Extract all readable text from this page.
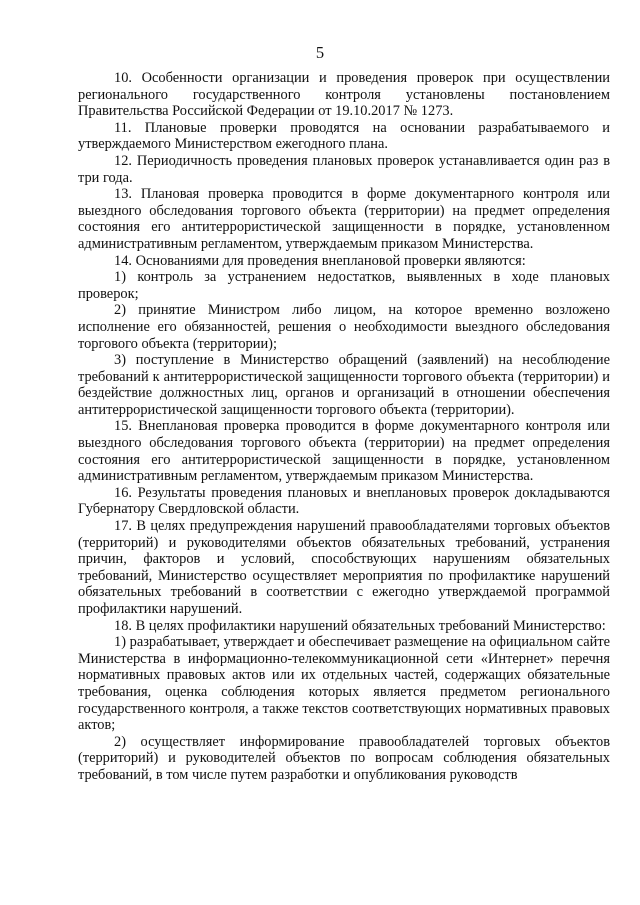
5

10. Особенности организации и проведения проверок при осуществлении регионального государственного контроля установлены постановлением Правительства Российской Федерации от 19.10.2017 № 1273.

11. Плановые проверки проводятся на основании разрабатываемого и утверждаемого Министерством ежегодного плана.

12. Периодичность проведения плановых проверок устанавливается один раз в три года.

13. Плановая проверка проводится в форме документарного контроля или выездного обследования торгового объекта (территории) на предмет определения состояния его антитеррористической защищенности в порядке, установленном административным регламентом, утверждаемым приказом Министерства.

14. Основаниями для проведения внеплановой проверки являются:

1) контроль за устранением недостатков, выявленных в ходе плановых проверок;

2) принятие Министром либо лицом, на которое временно возложено исполнение его обязанностей, решения о необходимости выездного обследования торгового объекта (территории);

3) поступление в Министерство обращений (заявлений) на несоблюдение требований к антитеррористической защищенности торгового объекта (территории) и бездействие должностных лиц, органов и организаций в отношении обеспечения антитеррористической защищенности торгового объекта (территории).

15. Внеплановая проверка проводится в форме документарного контроля или выездного обследования торгового объекта (территории) на предмет определения состояния его антитеррористической защищенности в порядке, установленном административным регламентом, утверждаемым приказом Министерства.

16. Результаты проведения плановых и внеплановых проверок докладываются Губернатору Свердловской области.

17. В целях предупреждения нарушений правообладателями торговых объектов (территорий) и руководителями объектов обязательных требований, устранения причин, факторов и условий, способствующих нарушениям обязательных требований, Министерство осуществляет мероприятия по профилактике нарушений обязательных требований в соответствии с ежегодно утверждаемой программой профилактики нарушений.

18. В целях профилактики нарушений обязательных требований Министерство:

1) разрабатывает, утверждает и обеспечивает размещение на официальном сайте Министерства в информационно-телекоммуникационной сети «Интернет» перечня нормативных правовых актов или их отдельных частей, содержащих обязательные требования, оценка соблюдения которых является предметом регионального государственного контроля, а также текстов соответствующих нормативных правовых актов;

2) осуществляет информирование правообладателей торговых объектов (территорий) и руководителей объектов по вопросам соблюдения обязательных требований, в том числе путем разработки и опубликования руководств
